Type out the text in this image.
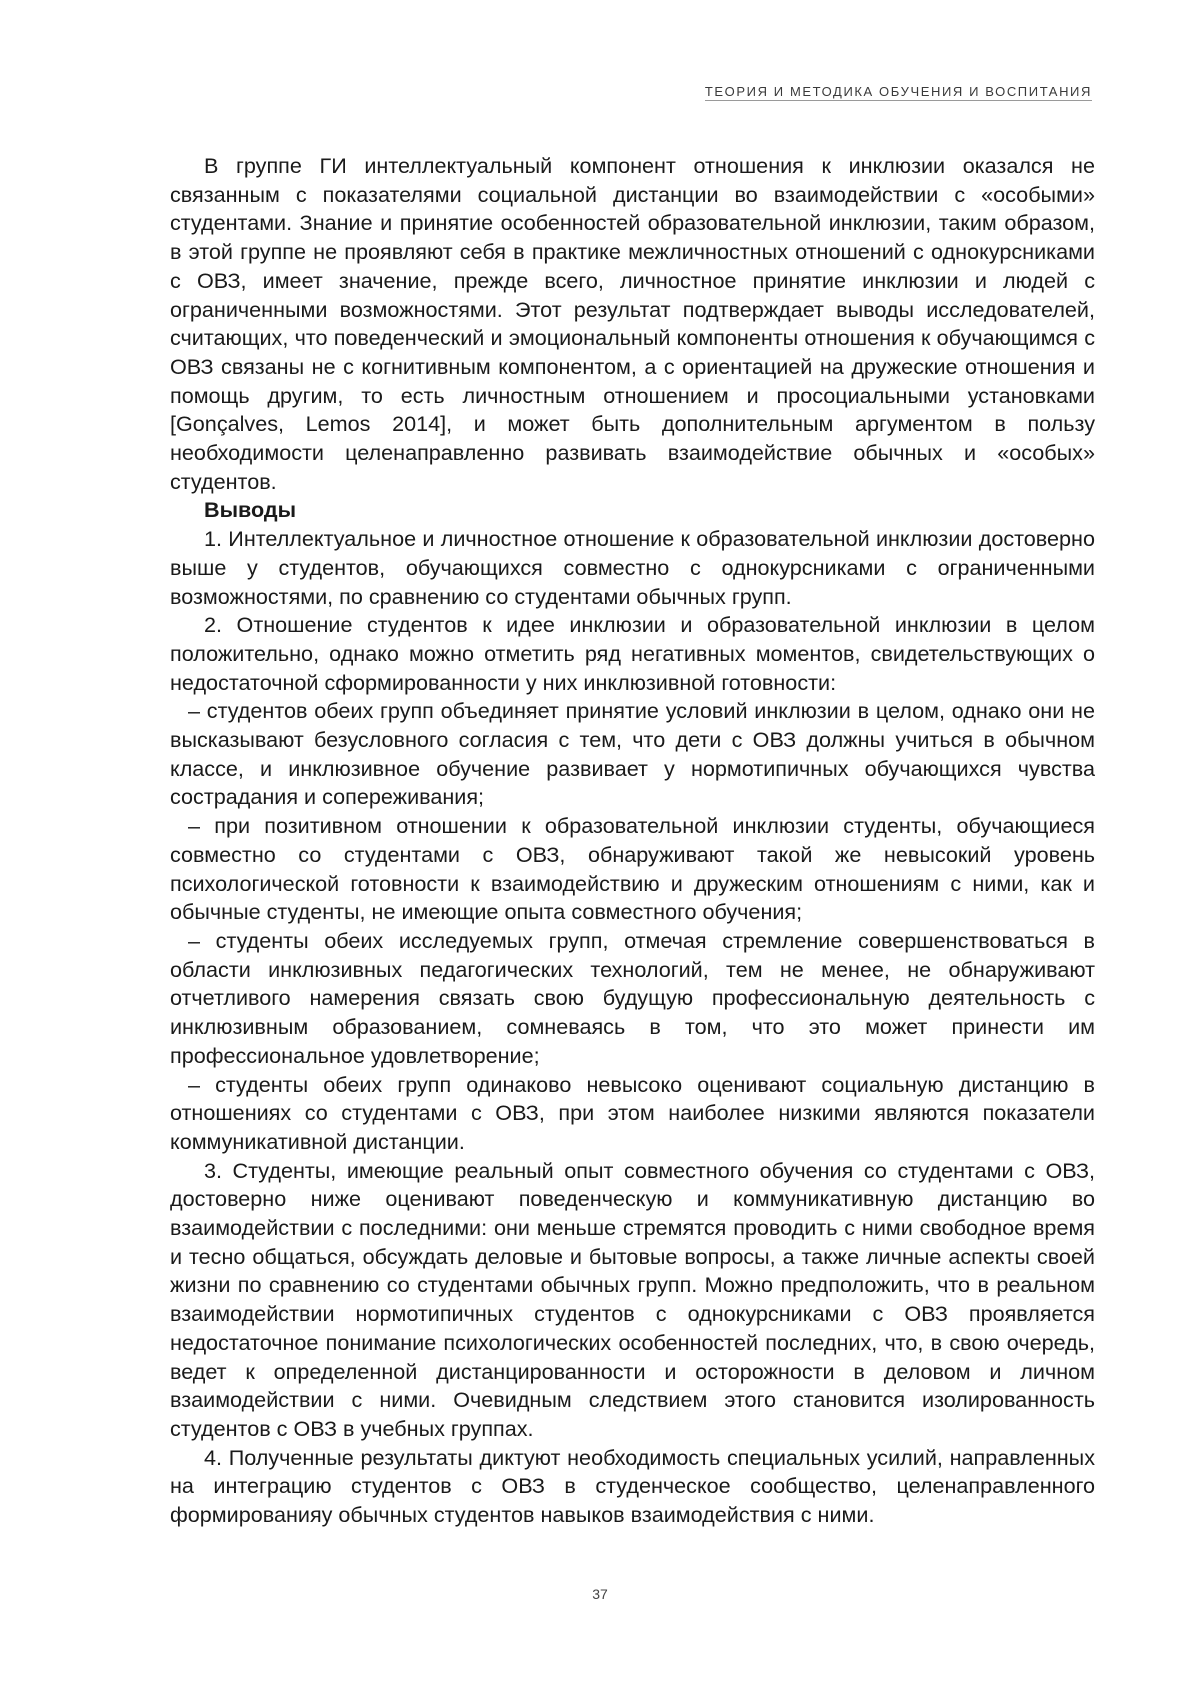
ТЕОРИЯ И МЕТОДИКА ОБУЧЕНИЯ И ВОСПИТАНИЯ

В группе ГИ интеллектуальный компонент отношения к инклюзии оказался не связанным с показателями социальной дистанции во взаимодействии с «особыми» студентами. Знание и принятие особенностей образовательной инклюзии, таким образом, в этой группе не проявляют себя в практике межличностных отношений с однокурсниками с ОВЗ, имеет значение, прежде всего, личностное принятие инклюзии и людей с ограниченными возможностями. Этот результат подтверждает выводы исследователей, считающих, что поведенческий и эмоциональный компоненты отношения к обучающимся с ОВЗ связаны не с когнитивным компонентом, а с ориентацией на дружеские отношения и помощь другим, то есть личностным отношением и просоциальными установками [Gonçalves, Lemos 2014], и может быть дополнительным аргументом в пользу необходимости целенаправленно развивать взаимодействие обычных и «особых» студентов.

Выводы

1. Интеллектуальное и личностное отношение к образовательной инклюзии достоверно выше у студентов, обучающихся совместно с однокурсниками с ограниченными возможностями, по сравнению со студентами обычных групп.

2. Отношение студентов к идее инклюзии и образовательной инклюзии в целом положительно, однако можно отметить ряд негативных моментов, свидетельствующих о недостаточной сформированности у них инклюзивной готовности:

– студентов обеих групп объединяет принятие условий инклюзии в целом, однако они не высказывают безусловного согласия с тем, что дети с ОВЗ должны учиться в обычном классе, и инклюзивное обучение развивает у нормотипичных обучающихся чувства сострадания и сопереживания;

– при позитивном отношении к образовательной инклюзии студенты, обучающиеся совместно со студентами с ОВЗ, обнаруживают такой же невысокий уровень психологической готовности к взаимодействию и дружеским отношениям с ними, как и обычные студенты, не имеющие опыта совместного обучения;

– студенты обеих исследуемых групп, отмечая стремление совершенствоваться в области инклюзивных педагогических технологий, тем не менее, не обнаруживают отчетливого намерения связать свою будущую профессиональную деятельность с инклюзивным образованием, сомневаясь в том, что это может принести им профессиональное удовлетворение;

– студенты обеих групп одинаково невысоко оценивают социальную дистанцию в отношениях со студентами с ОВЗ, при этом наиболее низкими являются показатели коммуникативной дистанции.

3. Студенты, имеющие реальный опыт совместного обучения со студентами с ОВЗ, достоверно ниже оценивают поведенческую и коммуникативную дистанцию во взаимодействии с последними: они меньше стремятся проводить с ними свободное время и тесно общаться, обсуждать деловые и бытовые вопросы, а также личные аспекты своей жизни по сравнению со студентами обычных групп. Можно предположить, что в реальном взаимодействии нормотипичных студентов с однокурсниками с ОВЗ проявляется недостаточное понимание психологических особенностей последних, что, в свою очередь, ведет к определенной дистанцированности и осторожности в деловом и личном взаимодействии с ними. Очевидным следствием этого становится изолированность студентов с ОВЗ в учебных группах.

4. Полученные результаты диктуют необходимость специальных усилий, направленных на интеграцию студентов с ОВЗ в студенческое сообщество, целенаправленного формированияу обычных студентов навыков взаимодействия с ними.

37
